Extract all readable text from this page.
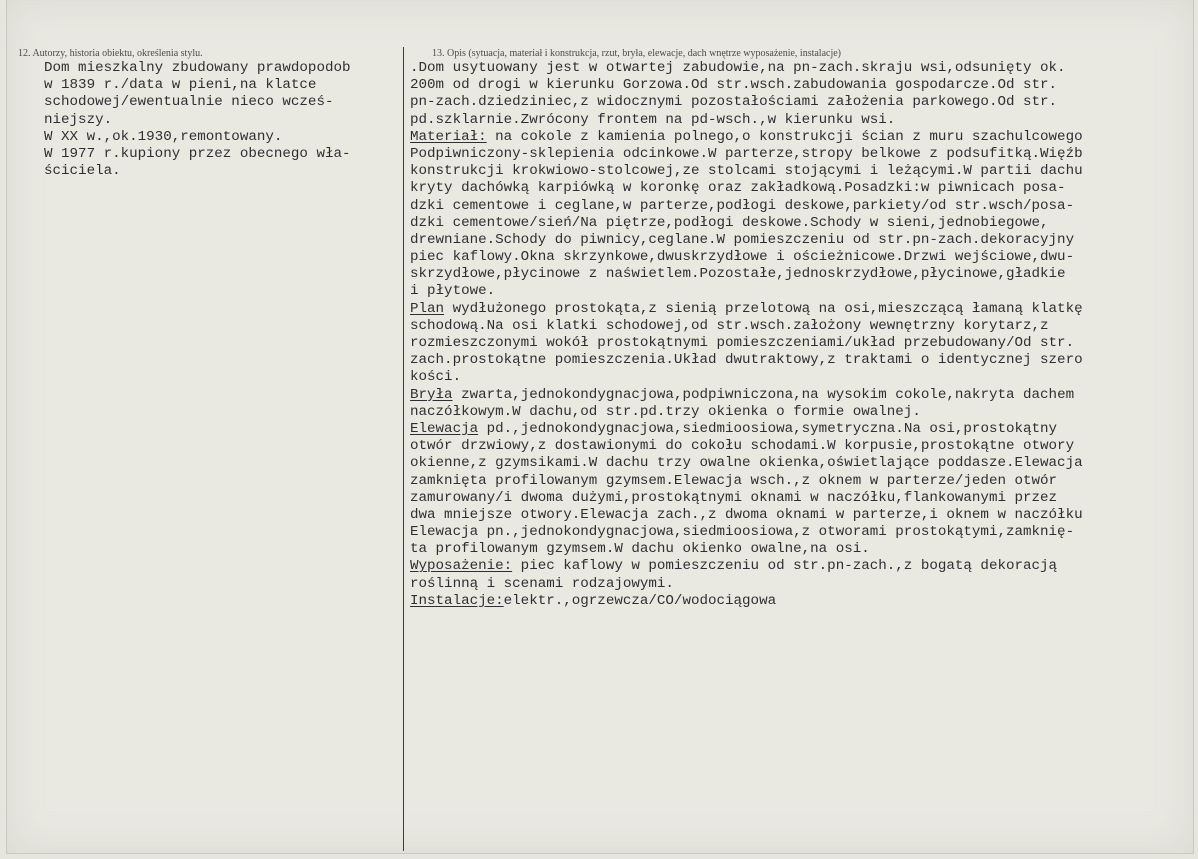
12. Autorzy, historia obiektu, określenia stylu.	13. Opis (sytuacja, materiał i konstrukcja, rzut, bryła, elewacje, dach wnętrze wyposażenie, instalacje)
Dom mieszkalny zbudowany prawdopodob
w 1839 r./data w pieni,na klatce
schodowej/ewentualnie nieco wcześ-
niejszy.
W XX w.,ok.1930,remontowany.
W 1977 r.kupiony przez obecnego wła-
ściciela.
.Dom usytuowany jest w otwartej zabudowie,na pn-zach.skraju wsi,odsunięty ok.
200m od drogi w kierunku Gorzowa.Od str.wsch.zabudowania gospodarcze.Od str.
pn-zach.dziedziniec,z widocznymi pozostałościami założenia parkowego.Od str.
pd.szklarnie.Zwrócony frontem na pd-wsch.,w kierunku wsi.
Materiał: na cokole z kamienia polnego,o konstrukcji ścian z muru szachulcowego
Podpiwniczony-sklepienia odcinkowe.W parterze,stropy belkowe z podsufitką.Więźb
konstrukcji krokwiowo-stolcowej,ze stolcami stojącymi i leżącymi.W partii dachu
kryty dachówką karpiówką w koronkę oraz zakładkową.Posadzki:w piwnicach posa-
dzki cementowe i ceglane,w parterze,podłogi deskowe,parkiety/od str.wsch/posa-
dzki cementowe/sień/Na piętrze,podłogi deskowe.Schody w sieni,jednobiegowe,
drewniane.Schody do piwnicy,ceglane.W pomieszczeniu od str.pn-zach.dekoracyjny
piec kaflowy.Okna skrzynkowe,dwuskrzydłowe i ościeżnicowe.Drzwi wejściowe,dwu-
skrzydłowe,płycinowe z naświetlem.Pozostałe,jednoskrzydłowe,płycinowe,gładkie
i płytowe.
Plan wydłużonego prostokąta,z sienią przelotową na osi,mieszczącą łamaną klatkę
schodową.Na osi klatki schodowej,od str.wsch.założony wewnętrzny korytarz,z
rozmieszczonymi wokół prostokątnymi pomieszczeniami/układ przebudowany/Od str.
zach.prostokątne pomieszczenia.Układ dwutraktowy,z traktami o identycznej szero
kości.
Bryła zwarta,jednokondygnacjowa,podpiwniczona,na wysokim cokole,nakryta dachem
naczółkowym.W dachu,od str.pd.trzy okienka o formie owalnej.
Elewacja pd.,jednokondygnacjowa,siedmioosiowa,symetryczna.Na osi,prostokątny
otwór drzwiowy,z dostawionymi do cokołu schodami.W korpusie,prostokątne otwory
okienne,z gzymsikami.W dachu trzy owalne okienka,oświetlające poddasze.Elewacja
zamknięta profilowanym gzymsem.Elewacja wsch.,z oknem w parterze/jeden otwór
zamurowany/i dwoma dużymi,prostokątnymi oknami w naczółku,flankowanymi przez
dwa mniejsze otwory.Elewacja zach.,z dwoma oknami w parterze,i oknem w naczółku
Elewacja pn.,jednokondygnacjowa,siedmioosiowa,z otworami prostokątymi,zamknię-
ta profilowanym gzymsem.W dachu okienko owalne,na osi.
Wyposażenie: piec kaflowy w pomieszczeniu od str.pn-zach.,z bogatą dekoracją
roślinną i scenami rodzajowymi.
Instalacje:elektr.,ogrzewcza/CO/wodociągowa
